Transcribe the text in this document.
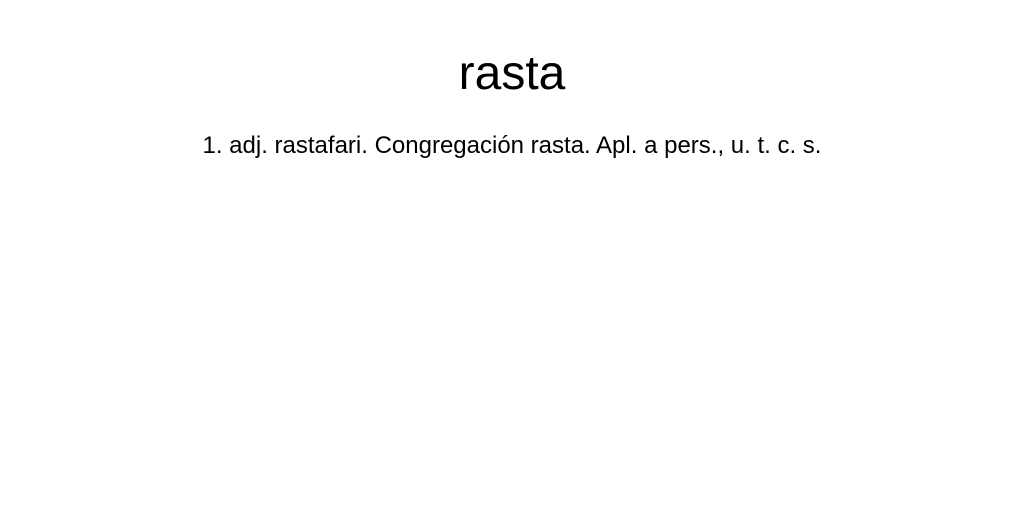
rasta

1. adj. rastafari. Congregación rasta. Apl. a pers., u. t. c. s.
